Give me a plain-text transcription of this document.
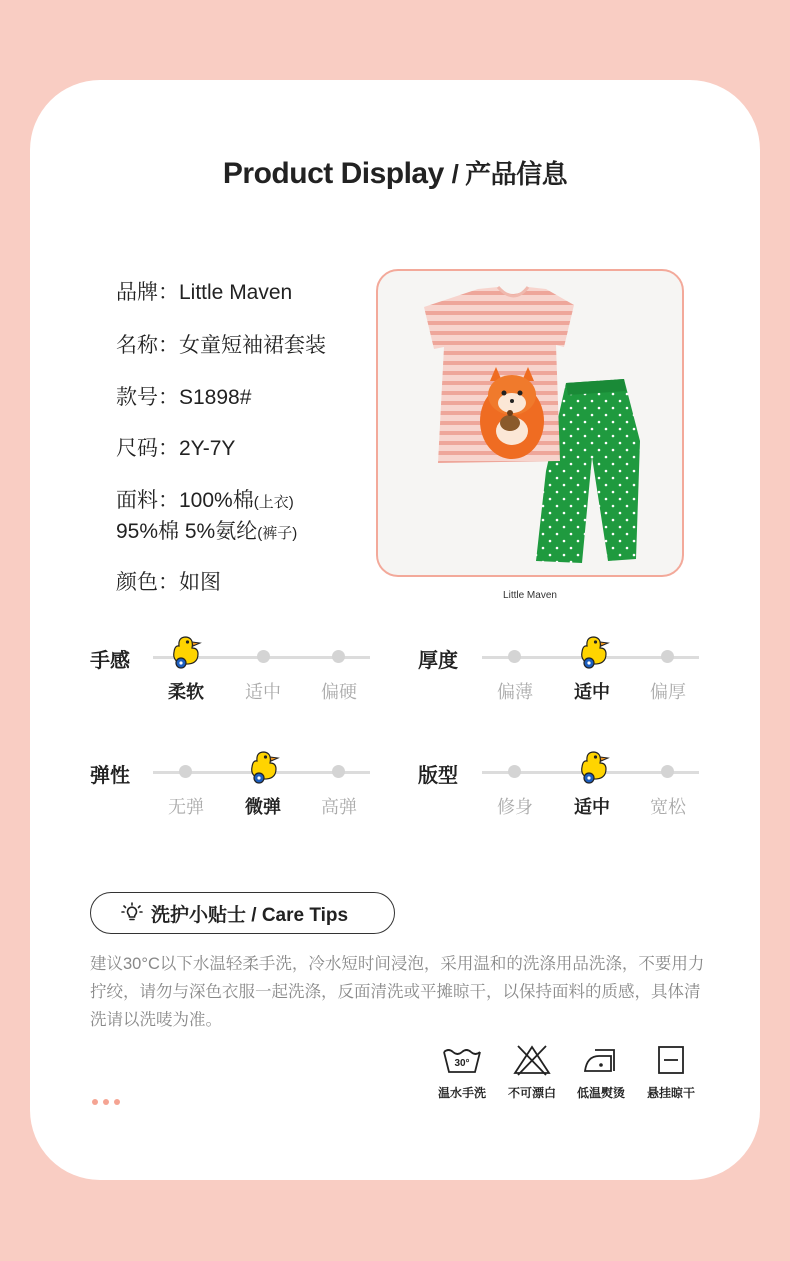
Product Display / 产品信息
品牌：Little Maven
名称：女童短袖裙套装
款号：S1898#
尺码：2Y-7Y
面料：100%棉(上衣)
95%棉 5%氨纶(裤子)
颜色：如图
Little Maven
手感
柔软	适中	偏硬
厚度
偏薄	适中	偏厚
弹性
无弹	微弹	高弹
版型
修身	适中	宽松
洗护小贴士 / Care Tips
建议30°C以下水温轻柔手洗，冷水短时间浸泡，采用温和的洗涤用品洗涤，不要用力拧绞，请勿与深色衣服一起洗涤，反面清洗或平摊晾干，以保持面料的质感，具体清洗请以洗唛为准。
30°
温水手洗	不可漂白	低温熨烫	悬挂晾干
